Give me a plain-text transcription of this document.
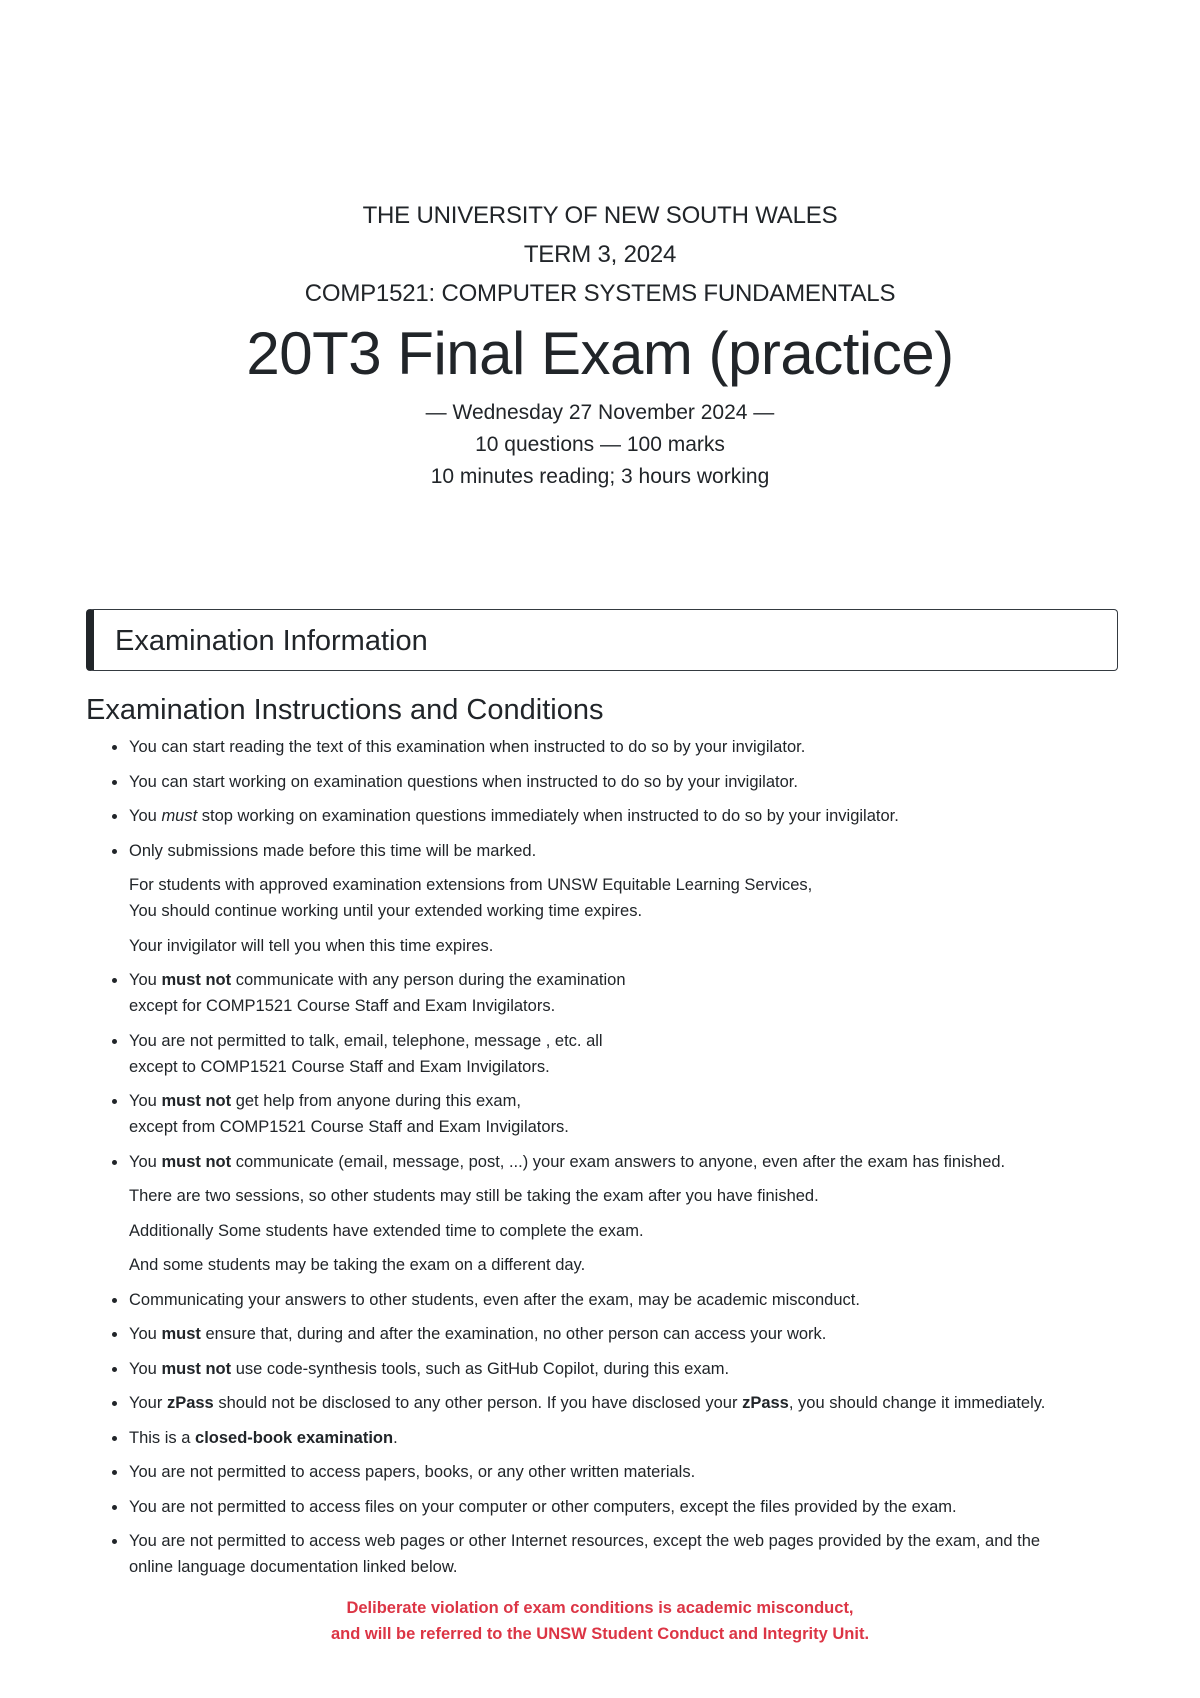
THE UNIVERSITY OF NEW SOUTH WALES
TERM 3, 2024
COMP1521: COMPUTER SYSTEMS FUNDAMENTALS
20T3 Final Exam (practice)
— Wednesday 27 November 2024 —
10 questions — 100 marks
10 minutes reading; 3 hours working
Examination Information
Examination Instructions and Conditions
You can start reading the text of this examination when instructed to do so by your invigilator.
You can start working on examination questions when instructed to do so by your invigilator.
You must stop working on examination questions immediately when instructed to do so by your invigilator.
Only submissions made before this time will be marked.

For students with approved examination extensions from UNSW Equitable Learning Services,
You should continue working until your extended working time expires.

Your invigilator will tell you when this time expires.

You must not communicate with any person during the examination
except for COMP1521 Course Staff and Exam Invigilators.
You are not permitted to talk, email, telephone, message , etc. all
except to COMP1521 Course Staff and Exam Invigilators.
You must not get help from anyone during this exam,
except from COMP1521 Course Staff and Exam Invigilators.
You must not communicate (email, message, post, ...) your exam answers to anyone, even after the exam has finished.

There are two sessions, so other students may still be taking the exam after you have finished.

Additionally Some students have extended time to complete the exam.

And some students may be taking the exam on a different day.

Communicating your answers to other students, even after the exam, may be academic misconduct.
You must ensure that, during and after the examination, no other person can access your work.
You must not use code-synthesis tools, such as GitHub Copilot, during this exam.
Your zPass should not be disclosed to any other person. If you have disclosed your zPass, you should change it immediately.
This is a closed-book examination.
You are not permitted to access papers, books, or any other written materials.
You are not permitted to access files on your computer or other computers, except the files provided by the exam.
You are not permitted to access web pages or other Internet resources, except the web pages provided by the exam, and the
online language documentation linked below.
Deliberate violation of exam conditions is academic misconduct,
and will be referred to the UNSW Student Conduct and Integrity Unit.
